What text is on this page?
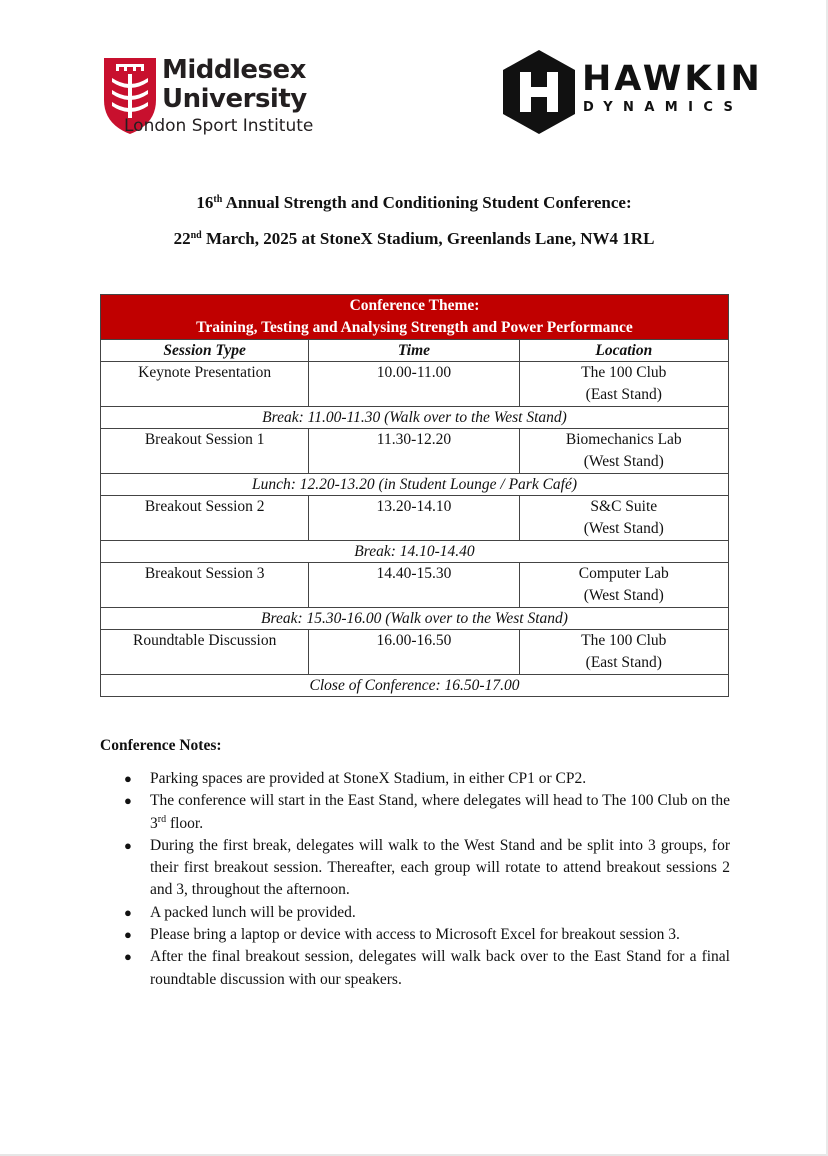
Middlesex
University
London Sport Institute
HAWKIN
DYNAMICS
16th Annual Strength and Conditioning Student Conference:
22nd March, 2025 at StoneX Stadium, Greenlands Lane, NW4 1RL
Conference Theme:
Training, Testing and Analysing Strength and Power Performance		

Session Type	Time	Location
Keynote Presentation	10.00-11.00	The 100 Club
(East Stand)

Break: 11.00-11.30 (Walk over to the West Stand)		
Breakout Session 1	11.30-12.20	Biomechanics Lab
(West Stand)

Lunch: 12.20-13.20 (in Student Lounge / Park Café)		
Breakout Session 2	13.20-14.10	S&C Suite
(West Stand)

Break: 14.10-14.40		
Breakout Session 3	14.40-15.30	Computer Lab
(West Stand)

Break: 15.30-16.00 (Walk over to the West Stand)		
Roundtable Discussion	16.00-16.50	The 100 Club
(East Stand)

Close of Conference: 16.50-17.00		
Conference Notes:
● Parking spaces are provided at StoneX Stadium, in either CP1 or CP2.
● The conference will start in the East Stand, where delegates will head to The 100 Club on the 3rd floor.
● During the first break, delegates will walk to the West Stand and be split into 3 groups, for their first breakout session. Thereafter, each group will rotate to attend breakout sessions 2 and 3, throughout the afternoon.
● A packed lunch will be provided.
● Please bring a laptop or device with access to Microsoft Excel for breakout session 3.
● After the final breakout session, delegates will walk back over to the East Stand for a final roundtable discussion with our speakers.
